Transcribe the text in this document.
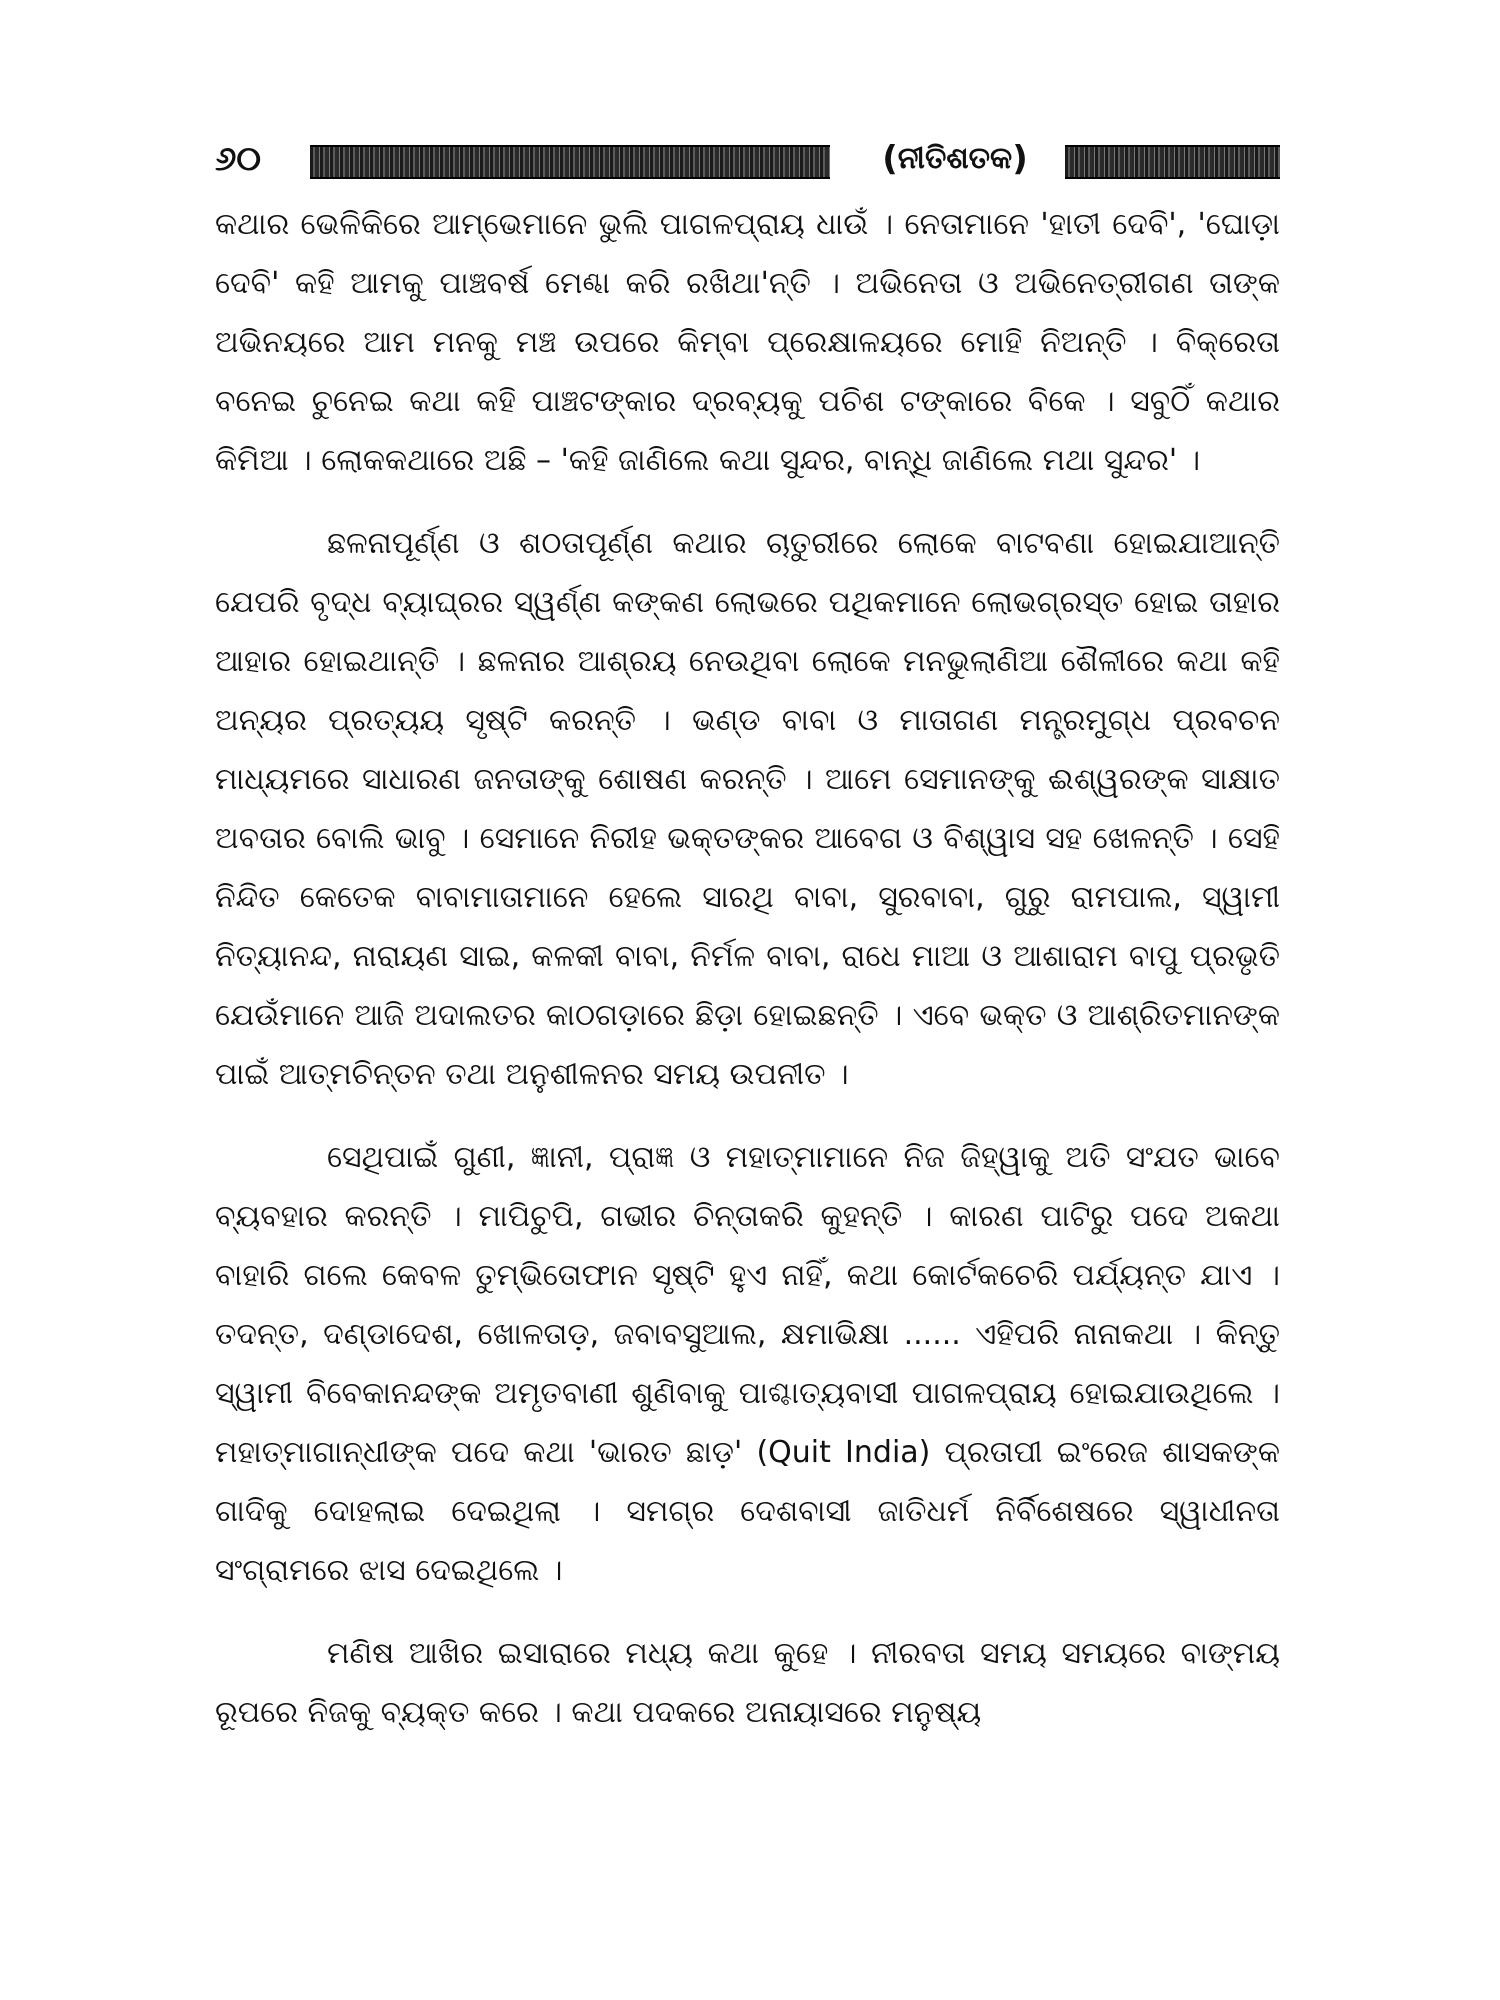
୬୦	(ନୀତିଶତକ)

କଥାର ଭେଳିକିରେ ଆମ୍ଭେମାନେ ଭୁଲି ପାଗଳପ୍ରାୟ ଧାଉଁ । ନେତାମାନେ 'ହାତୀ ଦେବି', 'ଘୋଡ଼ା ଦେବି' କହି ଆମକୁ ପାଞ୍ଚବର୍ଷ ମେଣ୍ଢା କରି ରଖିଥା'ନ୍ତି । ଅଭିନେତା ଓ ଅଭିନେତ୍ରୀଗଣ ତାଙ୍କ ଅଭିନୟରେ ଆମ ମନକୁ ମଞ୍ଚ ଉପରେ କିମ୍ବା ପ୍ରେକ୍ଷାଳୟରେ ମୋହି ନିଅନ୍ତି । ବିକ୍ରେତା ବନେଇ ଚୁନେଇ କଥା କହି ପାଞ୍ଚଟଙ୍କାର ଦ୍ରବ୍ୟକୁ ପଚିଶ ଟଙ୍କାରେ ବିକେ । ସବୁଠିଁ କଥାର କିମିଆ । ଲୋକକଥାରେ ଅଛି – 'କହି ଜାଣିଲେ କଥା ସୁନ୍ଦର, ବାନ୍ଧି ଜାଣିଲେ ମଥା ସୁନ୍ଦର' ।

ଛଳନାପୂର୍ଣ୍ଣ ଓ ଶଠତାପୂର୍ଣ୍ଣ କଥାର ଚାତୁରୀରେ ଲୋକେ ବାଟବଣା ହୋଇଯାଆନ୍ତି ଯେପରି ବୃଦ୍ଧ ବ୍ୟାଘ୍ରର ସ୍ୱର୍ଣ୍ଣ କଙ୍କଣ ଲୋଭରେ ପଥିକମାନେ ଲୋଭଗ୍ରସ୍ତ ହୋଇ ତାହାର ଆହାର ହୋଇଥାନ୍ତି । ଛଳନାର ଆଶ୍ରୟ ନେଉଥିବା ଲୋକେ ମନଭୁଲାଣିଆ ଶୈଳୀରେ କଥା କହି ଅନ୍ୟର ପ୍ରତ୍ୟୟ ସୃଷ୍ଟି କରନ୍ତି । ଭଣ୍ଡ ବାବା ଓ ମାତାଗଣ ମନ୍ତ୍ରମୁଗ୍ଧ ପ୍ରବଚନ ମାଧ୍ୟମରେ ସାଧାରଣ ଜନତାଙ୍କୁ ଶୋଷଣ କରନ୍ତି । ଆମେ ସେମାନଙ୍କୁ ଈଶ୍ୱରଙ୍କ ସାକ୍ଷାତ ଅବତାର ବୋଲି ଭାବୁ । ସେମାନେ ନିରୀହ ଭକ୍ତଙ୍କର ଆବେଗ ଓ ବିଶ୍ୱାସ ସହ ଖେଳନ୍ତି । ସେହି ନିନ୍ଦିତ କେତେକ ବାବାମାତାମାନେ ହେଲେ ସାରଥି ବାବା, ସୁରବାବା, ଗୁରୁ ରାମପାଲ, ସ୍ୱାମୀ ନିତ୍ୟାନନ୍ଦ, ନାରାୟଣ ସାଇ, କଳକୀ ବାବା, ନିର୍ମଳ ବାବା, ରାଧେ ମାଆ ଓ ଆଶାରାମ ବାପୁ ପ୍ରଭୃତି ଯେଉଁମାନେ ଆଜି ଅଦାଲତର କାଠଗଡ଼ାରେ ଛିଡ଼ା ହୋଇଛନ୍ତି । ଏବେ ଭକ୍ତ ଓ ଆଶ୍ରିତମାନଙ୍କ ପାଇଁ ଆତ୍ମଚିନ୍ତନ ତଥା ଅନୁଶୀଳନର ସମୟ ଉପନୀତ ।

ସେଥିପାଇଁ ଗୁଣୀ, ଜ୍ଞାନୀ, ପ୍ରାଜ୍ଞ ଓ ମହାତ୍ମାମାନେ ନିଜ ଜିହ୍ୱାକୁ ଅତି ସଂଯତ ଭାବେ ବ୍ୟବହାର କରନ୍ତି । ମାପିଚୁପି, ଗଭୀର ଚିନ୍ତାକରି କୁହନ୍ତି । କାରଣ ପାଟିରୁ ପଦେ ଅକଥା ବାହାରି ଗଲେ କେବଳ ତୁମ୍ଭିତୋଫାନ ସୃଷ୍ଟି ହୁଏ ନାହିଁ, କଥା କୋର୍ଟକଚେରି ପର୍ଯ୍ୟନ୍ତ ଯାଏ । ତଦନ୍ତ, ଦଣ୍ଡାଦେଶ, ଖୋଳତାଡ଼, ଜବାବସୁଆଲ, କ୍ଷମାଭିକ୍ଷା ...... ଏହିପରି ନାନାକଥା । କିନ୍ତୁ ସ୍ୱାମୀ ବିବେକାନନ୍ଦଙ୍କ ଅମୃତବାଣୀ ଶୁଣିବାକୁ ପାଶ୍ଚାତ୍ୟବାସୀ ପାଗଳପ୍ରାୟ ହୋଇଯାଉଥିଲେ । ମହାତ୍ମାଗାନ୍ଧୀଙ୍କ ପଦେ କଥା 'ଭାରତ ଛାଡ଼' (Quit India) ପ୍ରତାପୀ ଇଂରେଜ ଶାସକଙ୍କ ଗାଦିକୁ ଦୋହଲାଇ ଦେଇଥିଲା । ସମଗ୍ର ଦେଶବାସୀ ଜାତିଧର୍ମ ନିର୍ବିଶେଷରେ ସ୍ୱାଧୀନତା ସଂଗ୍ରାମରେ ଝାସ ଦେଇଥିଲେ ।

ମଣିଷ ଆଖିର ଇସାରାରେ ମଧ୍ୟ କଥା କୁହେ । ନୀରବତା ସମୟ ସମୟରେ ବାଙ୍ମୟ ରୂପରେ ନିଜକୁ ବ୍ୟକ୍ତ କରେ । କଥା ପଦକରେ ଅନାୟାସରେ ମନୁଷ୍ୟ
